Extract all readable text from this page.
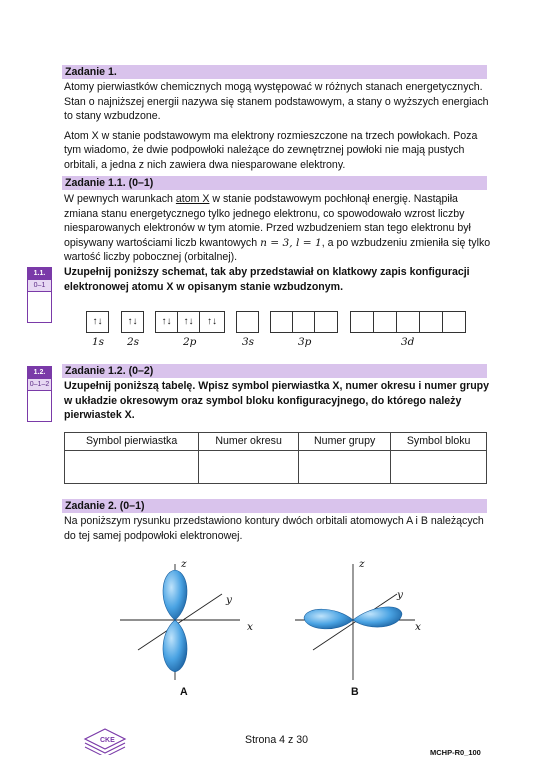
Zadanie 1.

Atomy pierwiastków chemicznych mogą występować w różnych stanach energetycznych. Stan o najniższej energii nazywa się stanem podstawowym, a stany o wyższych energiach to stany wzbudzone.

Atom X w stanie podstawowym ma elektrony rozmieszczone na trzech powłokach. Poza tym wiadomo, że dwie podpowłoki należące do zewnętrznej powłoki nie mają pustych orbitali, a jedna z nich zawiera dwa niesparowane elektrony.

Zadanie 1.1. (0–1)

W pewnych warunkach atom X w stanie podstawowym pochłonął energię. Nastąpiła zmiana stanu energetycznego tylko jednego elektronu, co spowodowało wzrost liczby niesparowanych elektronów w tym atomie. Przed wzbudzeniem stan tego elektronu był opisywany wartościami liczb kwantowych n = 3, l = 1, a po wzbudzeniu zmieniła się tylko wartość liczby pobocznej (orbitalnej).

Uzupełnij poniższy schemat, tak aby przedstawiał on klatkowy zapis konfiguracji elektronowej atomu X w opisanym stanie wzbudzonym.
1.1.
0–1
↑↓	↑↓	↑↓	↑↓	↑↓
1s 2s	2p	3s	3p	3d
Zadanie 1.2. (0–2)
Uzupełnij poniższą tabelę. Wpisz symbol pierwiastka X, numer okresu i numer grupy w układzie okresowym oraz symbol bloku konfiguracyjnego, do którego należy pierwiastek X.
1.2.
0–1–2
Symbol pierwiastka	Numer okresu	Numer grupy	Symbol bloku

Zadanie 2. (0–1)
Na poniższym rysunku przedstawiono kontury dwóch orbitali atomowych A i B należących do tej samej podpowłoki elektronowej.
z
y
x
z
y
x
A	B
CKE	Strona 4 z 30
MCHP-R0_100
